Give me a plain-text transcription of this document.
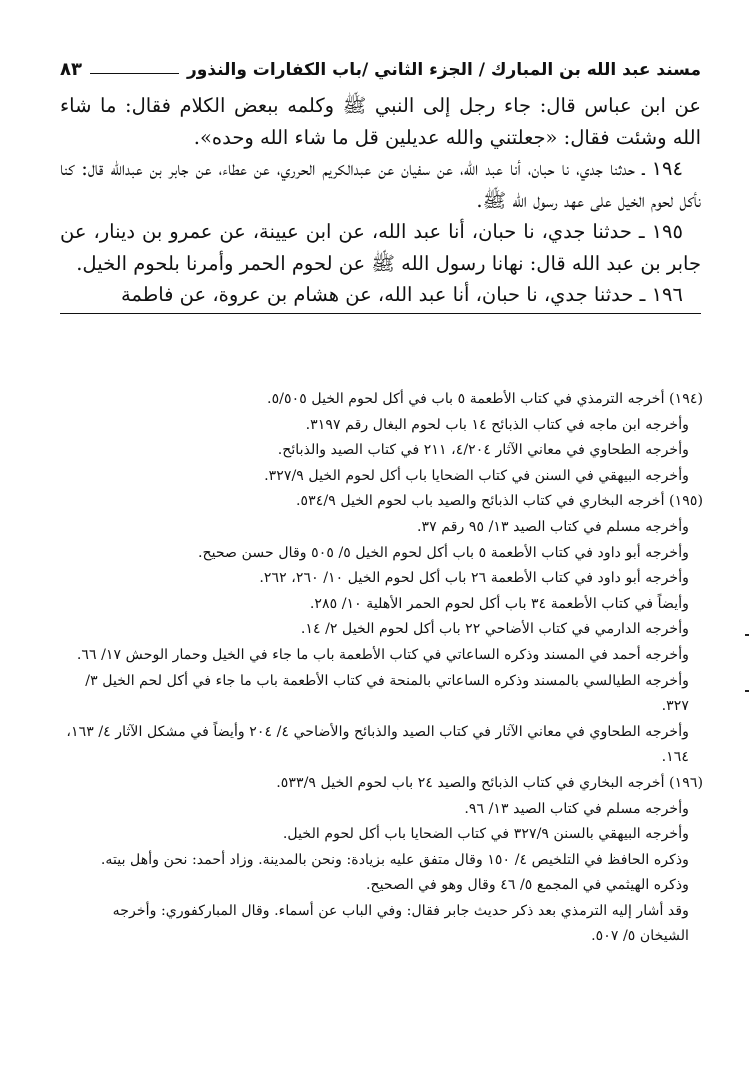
مسند عبد الله بن المبارك / الجزء الثاني /باب الكفارات والنذور
٨٣

عن ابن عباس قال: جاء رجل إلى النبي ﷺ وكلمه ببعض الكلام فقال: ما شاء الله وشئت فقال: «جعلتني والله عديلين قل ما شاء الله وحده».

١٩٤ ـ حدثنا جدي، نا حبان، أنا عبد الله، عن سفيان عن عبدالكريم الحرري، عن عطاء، عن جابر بن عبدالله قال: كنا نأكل لحوم الخيل على عهد رسول الله ﷺ.

١٩٥ ـ حدثنا جدي، نا حبان، أنا عبد الله، عن ابن عيينة، عن عمرو بن دينار، عن جابر بن عبد الله قال: نهانا رسول الله ﷺ عن لحوم الحمر وأمرنا بلحوم الخيل.

١٩٦ ـ حدثنا جدي، نا حبان، أنا عبد الله، عن هشام بن عروة، عن فاطمة

(١٩٤) أخرجه الترمذي في كتاب الأطعمة ٥ باب في أكل لحوم الخيل ٥/٥٠٥.

وأخرجه ابن ماجه في كتاب الذبائح ١٤ باب لحوم البغال رقم ٣١٩٧.

وأخرجه الطحاوي في معاني الآثار ٤/٢٠٤، ٢١١ في كتاب الصيد والذبائح.

وأخرجه البيهقي في السنن في كتاب الضحايا باب أكل لحوم الخيل ٣٢٧/٩.

(١٩٥) أخرجه البخاري في كتاب الذبائح والصيد باب لحوم الخيل ٥٣٤/٩.

وأخرجه مسلم في كتاب الصيد ١٣/ ٩٥ رقم ٣٧.

وأخرجه أبو داود في كتاب الأطعمة ٥ باب أكل لحوم الخيل ٥/ ٥٠٥ وقال حسن صحيح.

وأخرجه أبو داود في كتاب الأطعمة ٢٦ باب أكل لحوم الخيل ١٠/ ٢٦٠، ٢٦٢.

وأيضاً في كتاب الأطعمة ٣٤ باب أكل لحوم الحمر الأهلية ١٠/ ٢٨٥.

وأخرجه الدارمي في كتاب الأضاحي ٢٢ باب أكل لحوم الخيل ٢/ ١٤.

وأخرجه أحمد في المسند وذكره الساعاتي في كتاب الأطعمة باب ما جاء في الخيل وحمار الوحش ١٧/ ٦٦.

وأخرجه الطيالسي بالمسند وذكره الساعاتي بالمنحة في كتاب الأطعمة باب ما جاء في أكل لحم الخيل ٣/ ٣٢٧.

وأخرجه الطحاوي في معاني الآثار في كتاب الصيد والذبائح والأضاحي ٤/ ٢٠٤ وأيضاً في مشكل الآثار ٤/ ١٦٣، ١٦٤.

(١٩٦) أخرجه البخاري في كتاب الذبائح والصيد ٢٤ باب لحوم الخيل ٥٣٣/٩.

وأخرجه مسلم في كتاب الصيد ١٣/ ٩٦.

وأخرجه البيهقي بالسنن ٣٢٧/٩ في كتاب الضحايا باب أكل لحوم الخيل.

وذكره الحافظ في التلخيص ٤/ ١٥٠ وقال متفق عليه بزيادة: ونحن بالمدينة. وزاد أحمد: نحن وأهل بيته.

وذكره الهيثمي في المجمع ٥/ ٤٦ وقال وهو في الصحيح.

وقد أشار إليه الترمذي بعد ذكر حديث جابر فقال: وفي الباب عن أسماء. وقال المباركفوري: وأخرجه الشيخان ٥/ ٥٠٧.
